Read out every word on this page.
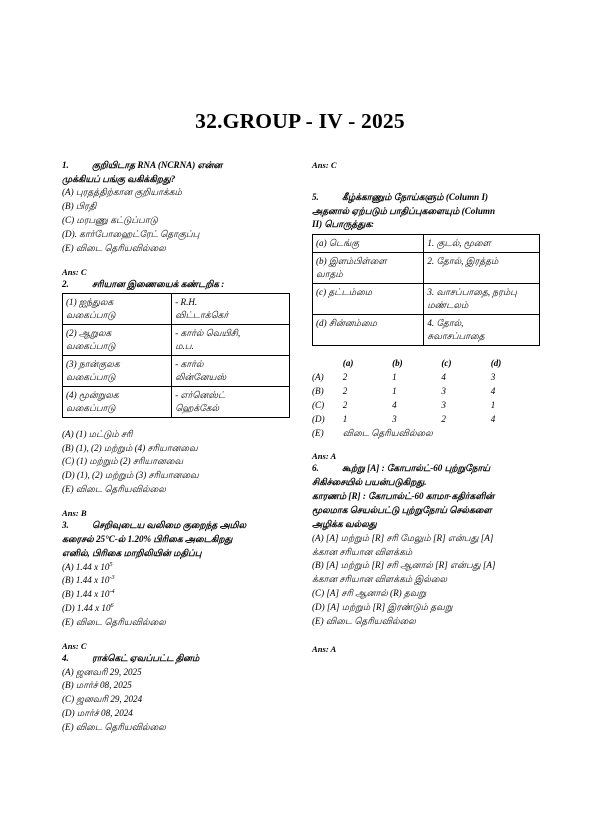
32.GROUP - IV - 2025
1.	குறியிடாத RNA (NCRNA) என்ன
முக்கியப் பங்கு வகிக்கிறது?
(A) புரதத்திற்கான குறியாக்கம்
(B) பிரதி
(C) மரபணு கட்டுப்பாடு
(D). கார்போஹைட்ரேட் தொகுப்பு
(E) விடை தெரியவில்லை
Ans: C
2.	சரியான இணையைக் கண்டறிக :
(1) ஐந்துலக
வகைப்பாடு	- R.H.
விட்டாக்கெர்
(2) ஆறுலக
வகைப்பாடு	- கார்ல் வெயிசி,
ம.ப.
(3) நான்குலக
வகைப்பாடு	- கார்ல்
லின்னேயஸ்
(4) மூன்றுலக
வகைப்பாடு	- எர்னெஸ்ட்
ஹெக்கேல்
(A) (1) மட்டும் சரி
(B) (1), (2) மற்றும் (4) சரியானவை
(C) (1) மற்றும் (2) சரியானவை
(D) (1), (2) மற்றும் (3) சரியானவை
(E) விடை தெரியவில்லை
Ans: B
3.	செறிவுடைய வலிமை குறைந்த அமில
கரைசல் 25°C-ல் 1.20% பிரிகை அடைகிறது
எனில், பிரிகை மாறிலியின் மதிப்பு
(A) 1.44 x $10^5$
(B) 1.44 x $10^{-3}$
(B) 1.44 x $10^{-4}$
(D) 1.44 x $10^6$
(E) விடை தெரியவில்லை
Ans: C
4.	ராக்கெட் ஏவப்பட்ட தினம்
(A) ஜனவரி 29, 2025
(B) மார்ச் 08, 2025
(C) ஜனவரி 29, 2024
(D) மார்ச் 08, 2024
(E) விடை தெரியவில்லை
Ans: C
5.	கீழ்க்காணும் நோய்களும் (Column I)
அதனால் ஏற்படும் பாதிப்புகளையும் (Column
II) பொருத்துக:
(a) டெங்கு	1. குடல், மூளை
(b) இளம்பிள்ளை
வாதம்	2. தோல், இரத்தம்
(c) தட்டம்மை	3. வாசப்பாதை, நரம்பு
மண்டலம்
(d) சின்னம்மை	4. தோல்,
சுவாசப்பாதை
	(a)	(b)	(c)	(d)
(A)	2	1	4	3
(B)	2	1	3	4
(C)	2	4	3	1
(D)	1	3	2	4
(E)	விடை தெரியவில்லை			
Ans: A
6.	கூற்று [A] : கோபால்ட்-60 புற்றுநோய்
சிகிச்சையில் பயன்படுகிறது.
காரணம் [R] : கோபால்ட்-60 காமா-கதிர்களின்
மூலமாக செயல்பட்டு புற்றுநோய் செல்களை
அழிக்க வல்லது
(A) [A] மற்றும் [R] சரி மேலும் [R] என்பது [A]
க்கான சரியான விளக்கம்
(B) [A] மற்றும் [R] சரி ஆனால் [R] என்பது [A]
க்கான சரியான விளக்கம் இல்லை
(C) [A] சரி ஆனால் (R) தவறு
(D) [A] மற்றும் [R] இரண்டும் தவறு
(E) விடை தெரியவில்லை
Ans: A
